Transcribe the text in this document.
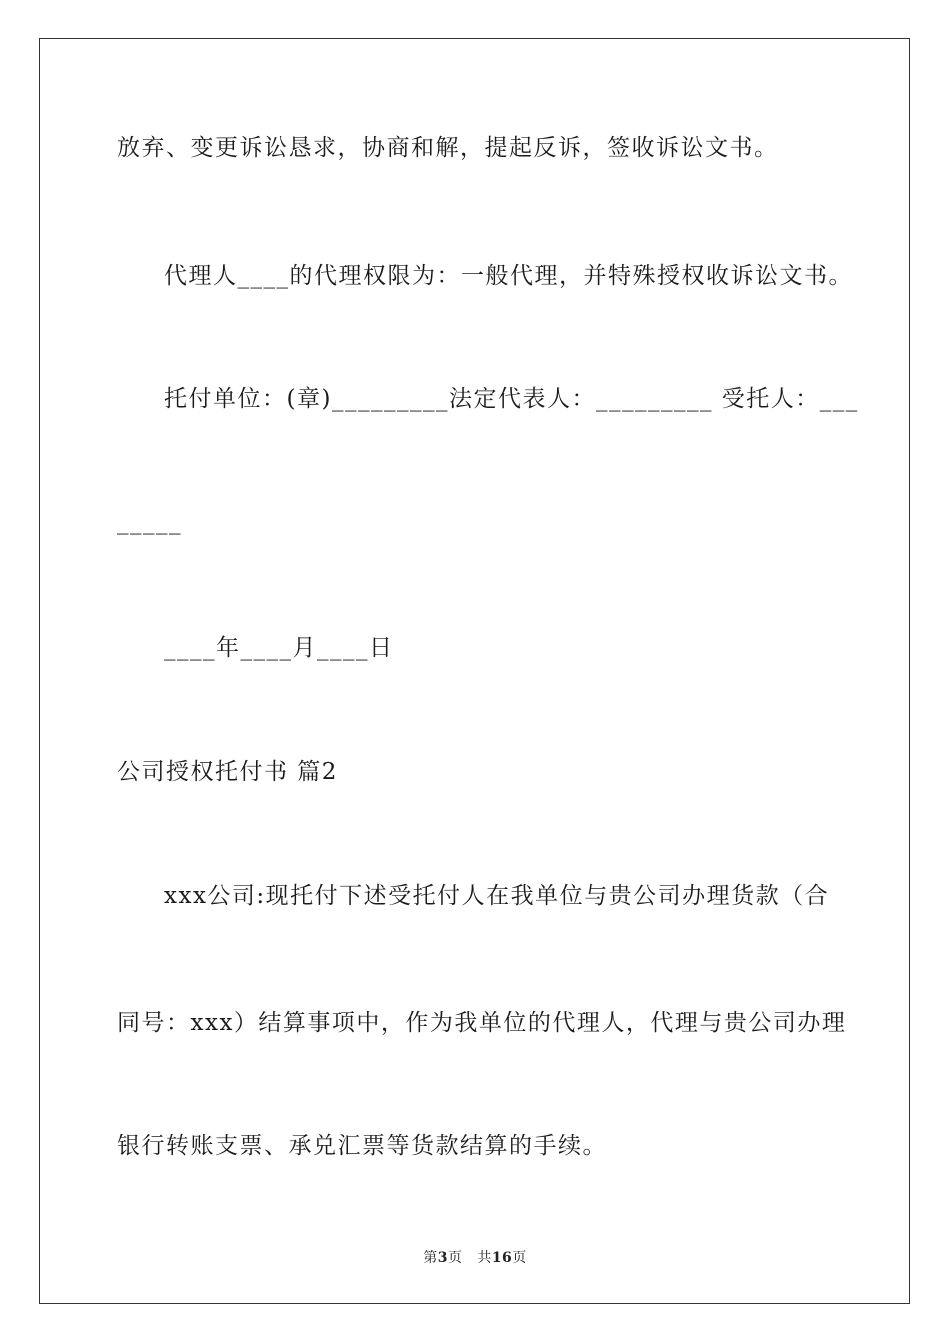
放弃、变更诉讼恳求，协商和解，提起反诉，签收诉讼文书。
代理人____的代理权限为：一般代理，并特殊授权收诉讼文书。
托付单位：(章)_________法定代表人：_________ 受托人：___
_____
____年____月____日
公司授权托付书 篇2
xxx公司:现托付下述受托付人在我单位与贵公司办理货款（合
同号：xxx）结算事项中，作为我单位的代理人，代理与贵公司办理
银行转账支票、承兑汇票等货款结算的手续。
第3页 共16页
